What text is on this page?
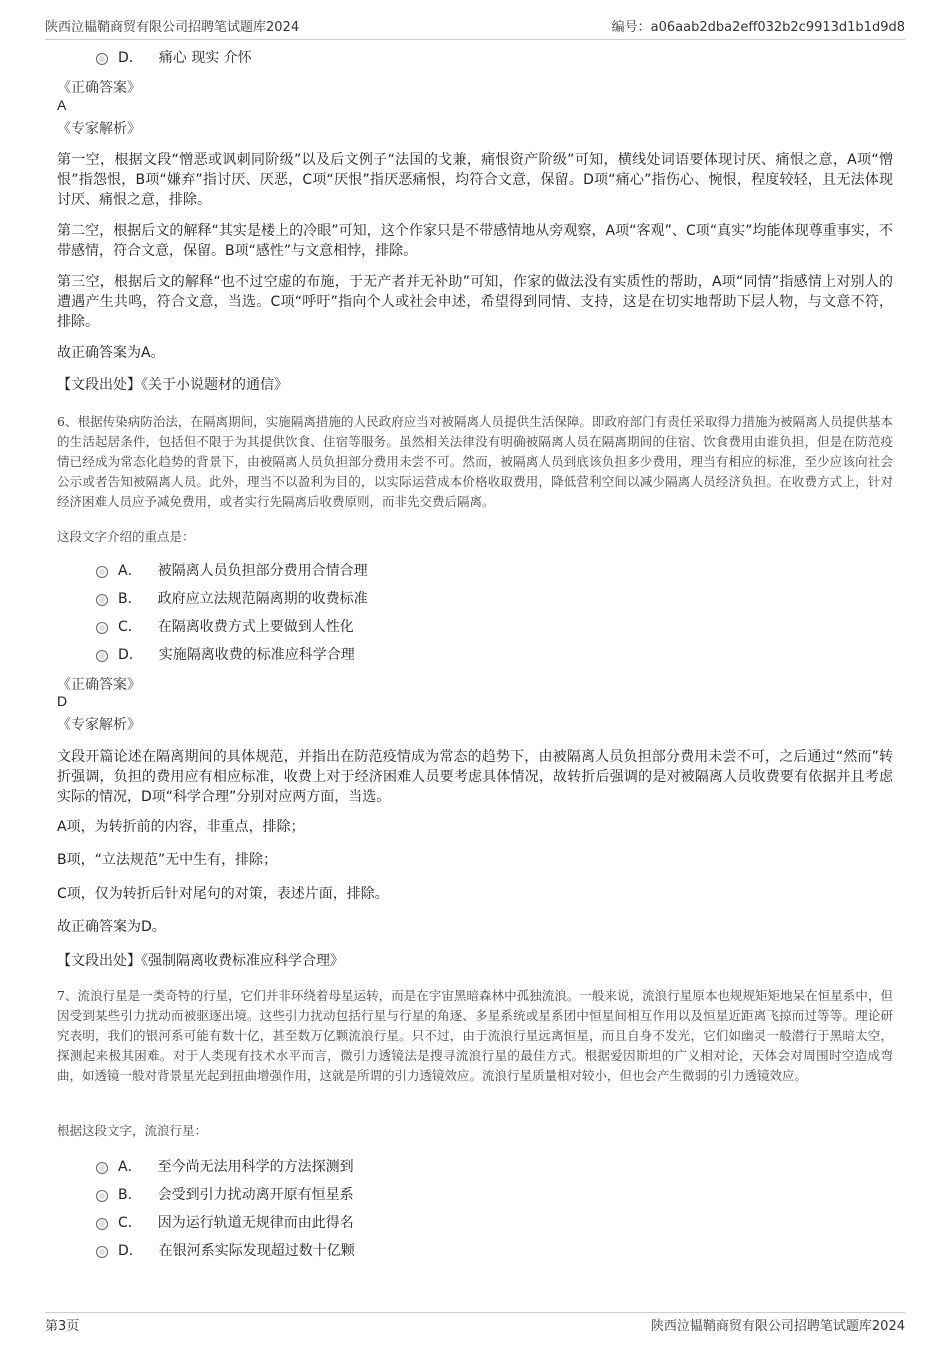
陕西泣韫鞘商贸有限公司招聘笔试题库2024	编号：a06aab2dba2eff032b2c9913d1b1d9d8
D． 痛心 现实 介怀
《正确答案》
A
《专家解析》
第一空，根据文段“憎恶或讽刺同阶级”以及后文例子“法国的戈兼，痛恨资产阶级”可知，横线处词语要体现讨厌、痛恨之意，A项“憎恨”指怨恨，B项“嫌弃”指讨厌、厌恶，C项“厌恨”指厌恶痛恨，均符合文意，保留。D项“痛心”指伤心、惋恨，程度较轻，且无法体现讨厌、痛恨之意，排除。
第二空，根据后文的解释“其实是楼上的冷眼”可知，这个作家只是不带感情地从旁观察，A项“客观”、C项“真实”均能体现尊重事实，不带感情，符合文意，保留。B项“感性”与文意相悖，排除。
第三空，根据后文的解释“也不过空虚的布施，于无产者并无补助”可知，作家的做法没有实质性的帮助，A项“同情”指感情上对别人的遭遇产生共鸣，符合文意，当选。C项“呼吁”指向个人或社会申述，希望得到同情、支持，这是在切实地帮助下层人物，与文意不符，排除。
故正确答案为A。
【文段出处】《关于小说题材的通信》
6、根据传染病防治法，在隔离期间，实施隔离措施的人民政府应当对被隔离人员提供生活保障。即政府部门有责任采取得力措施为被隔离人员提供基本的生活起居条件，包括但不限于为其提供饮食、住宿等服务。虽然相关法律没有明确被隔离人员在隔离期间的住宿、饮食费用由谁负担，但是在防范疫情已经成为常态化趋势的背景下，由被隔离人员负担部分费用未尝不可。然而，被隔离人员到底该负担多少费用，理当有相应的标准，至少应该向社会公示或者告知被隔离人员。此外，理当不以盈利为目的，以实际运营成本价格收取费用，降低营利空间以减少隔离人员经济负担。在收费方式上，针对经济困难人员应予减免费用，或者实行先隔离后收费原则，而非先交费后隔离。
这段文字介绍的重点是：
A． 被隔离人员负担部分费用合情合理
B． 政府应立法规范隔离期的收费标准
C． 在隔离收费方式上要做到人性化
D． 实施隔离收费的标准应科学合理
《正确答案》
D
《专家解析》
文段开篇论述在隔离期间的具体规范，并指出在防范疫情成为常态的趋势下，由被隔离人员负担部分费用未尝不可，之后通过“然而”转折强调，负担的费用应有相应标准，收费上对于经济困难人员要考虑具体情况，故转折后强调的是对被隔离人员收费要有依据并且考虑实际的情况，D项“科学合理”分别对应两方面，当选。
A项，为转折前的内容，非重点，排除；
B项，“立法规范”无中生有，排除；
C项，仅为转折后针对尾句的对策，表述片面，排除。
故正确答案为D。
【文段出处】《强制隔离收费标准应科学合理》
7、流浪行星是一类奇特的行星，它们并非环绕着母星运转，而是在宇宙黑暗森林中孤独流浪。一般来说，流浪行星原本也规规矩矩地呆在恒星系中，但因受到某些引力扰动而被驱逐出境。这些引力扰动包括行星与行星的角逐、多星系统或星系团中恒星间相互作用以及恒星近距离飞掠而过等等。理论研究表明，我们的银河系可能有数十亿，甚至数万亿颗流浪行星。只不过，由于流浪行星远离恒星，而且自身不发光，它们如幽灵一般潜行于黑暗太空，探测起来极其困难。对于人类现有技术水平而言，微引力透镜法是搜寻流浪行星的最佳方式。根据爱因斯坦的广义相对论，天体会对周围时空造成弯曲，如透镜一般对背景星光起到扭曲增强作用，这就是所谓的引力透镜效应。流浪行星质量相对较小，但也会产生微弱的引力透镜效应。
根据这段文字，流浪行星：
A． 至今尚无法用科学的方法探测到
B． 会受到引力扰动离开原有恒星系
C． 因为运行轨道无规律而由此得名
D． 在银河系实际发现超过数十亿颗
第3页	陕西泣韫鞘商贸有限公司招聘笔试题库2024
